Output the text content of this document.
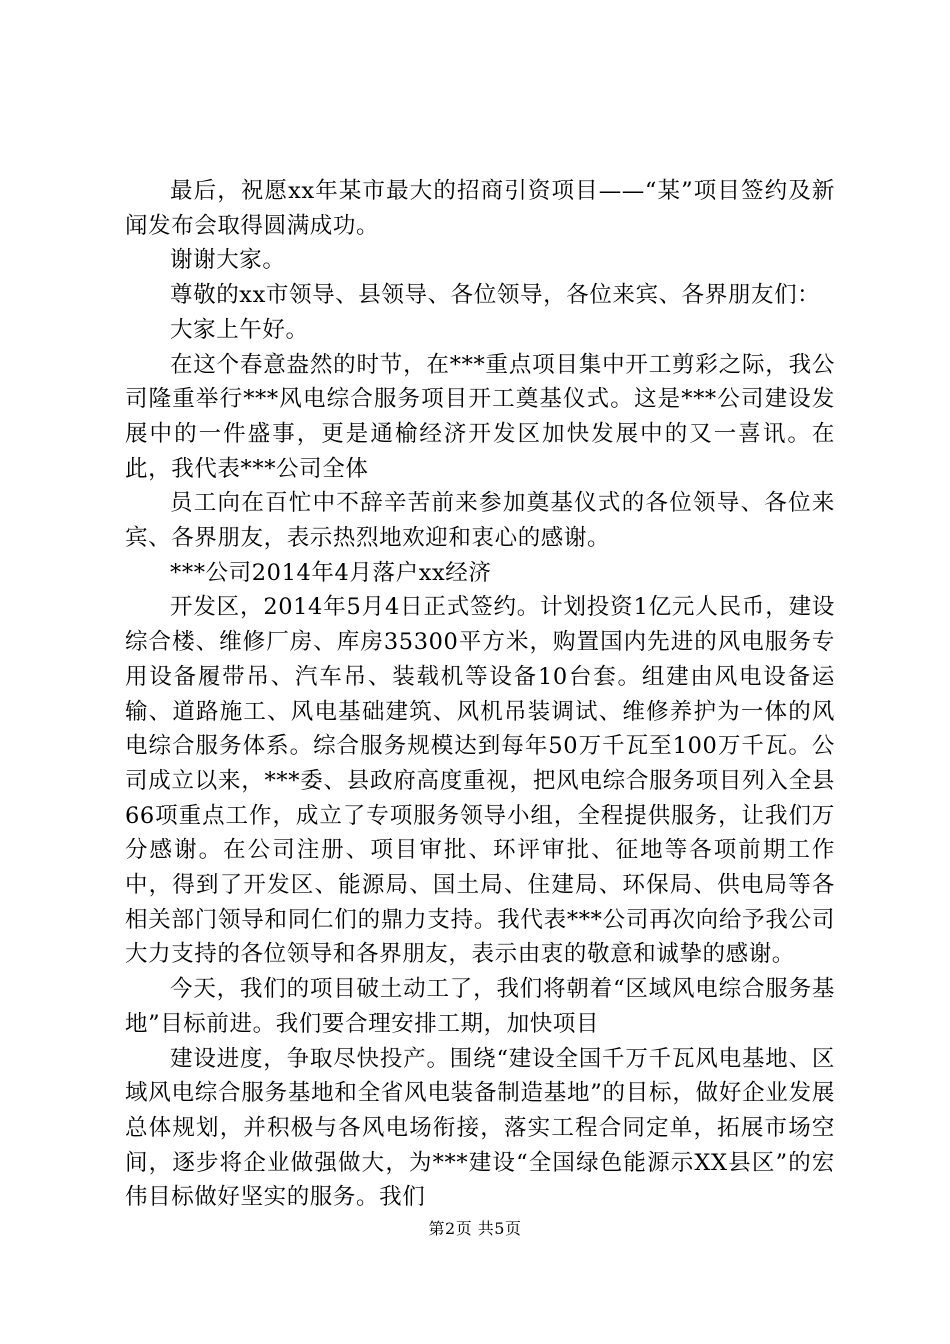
最后，祝愿xx年某市最大的招商引资项目——“某”项目签约及新闻发布会取得圆满成功。

谢谢大家。

尊敬的xx市领导、县领导、各位领导，各位来宾、各界朋友们：

大家上午好。

在这个春意盎然的时节，在***重点项目集中开工剪彩之际，我公司隆重举行***风电综合服务项目开工奠基仪式。这是***公司建设发展中的一件盛事，更是通榆经济开发区加快发展中的又一喜讯。在此，我代表***公司全体

员工向在百忙中不辞辛苦前来参加奠基仪式的各位领导、各位来宾、各界朋友，表示热烈地欢迎和衷心的感谢。

***公司2014年4月落户xx经济

开发区，2014年5月4日正式签约。计划投资1亿元人民币，建设综合楼、维修厂房、库房35300平方米，购置国内先进的风电服务专用设备履带吊、汽车吊、装载机等设备10台套。组建由风电设备运输、道路施工、风电基础建筑、风机吊装调试、维修养护为一体的风电综合服务体系。综合服务规模达到每年50万千瓦至100万千瓦。公司成立以来，***委、县政府高度重视，把风电综合服务项目列入全县66项重点工作，成立了专项服务领导小组，全程提供服务，让我们万分感谢。在公司注册、项目审批、环评审批、征地等各项前期工作中，得到了开发区、能源局、国土局、住建局、环保局、供电局等各相关部门领导和同仁们的鼎力支持。我代表***公司再次向给予我公司大力支持的各位领导和各界朋友，表示由衷的敬意和诚挚的感谢。

今天，我们的项目破土动工了，我们将朝着“区域风电综合服务基地”目标前进。我们要合理安排工期，加快项目

建设进度，争取尽快投产。围绕“建设全国千万千瓦风电基地、区域风电综合服务基地和全省风电装备制造基地”的目标，做好企业发展总体规划，并积极与各风电场衔接，落实工程合同定单，拓展市场空间，逐步将企业做强做大，为***建设“全国绿色能源示XX县区”的宏伟目标做好坚实的服务。我们

第2页 共5页
